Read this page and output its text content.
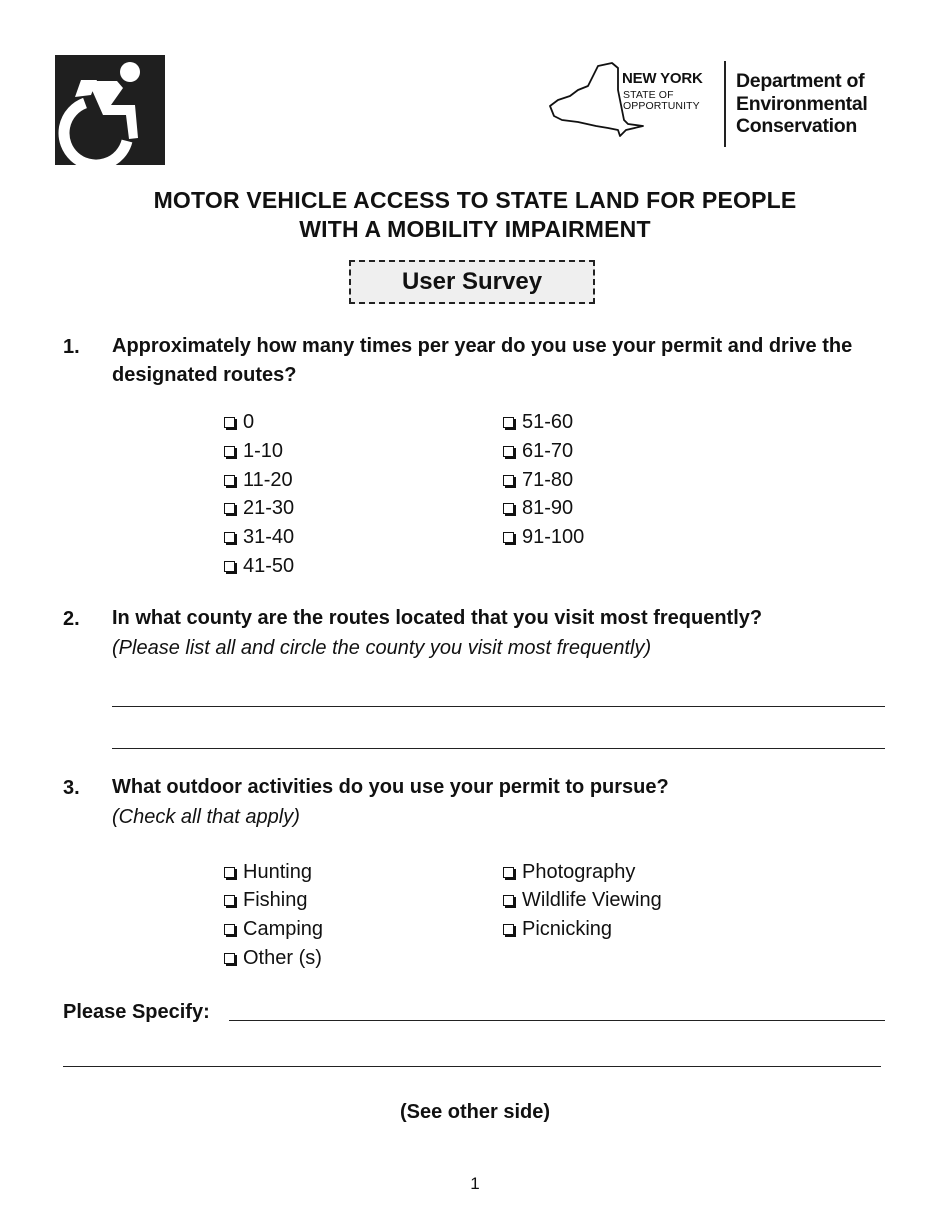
NEW YORK
STATE OF
OPPORTUNITY
Department of
Environmental
Conservation
MOTOR VEHICLE ACCESS TO STATE LAND FOR PEOPLE
WITH A MOBILITY IMPAIRMENT
User Survey
1. Approximately how many times per year do you use your permit and drive the designated routes?
0
1-10
11-20
21-30
31-40
41-50
51-60
61-70
71-80
81-90
91-100
2. In what county are the routes located that you visit most frequently?
(Please list all and circle the county you visit most frequently)
3. What outdoor activities do you use your permit to pursue?
(Check all that apply)
Hunting
Fishing
Camping
Other (s)
Photography
Wildlife Viewing
Picnicking
Please Specify:
(See other side)
1
